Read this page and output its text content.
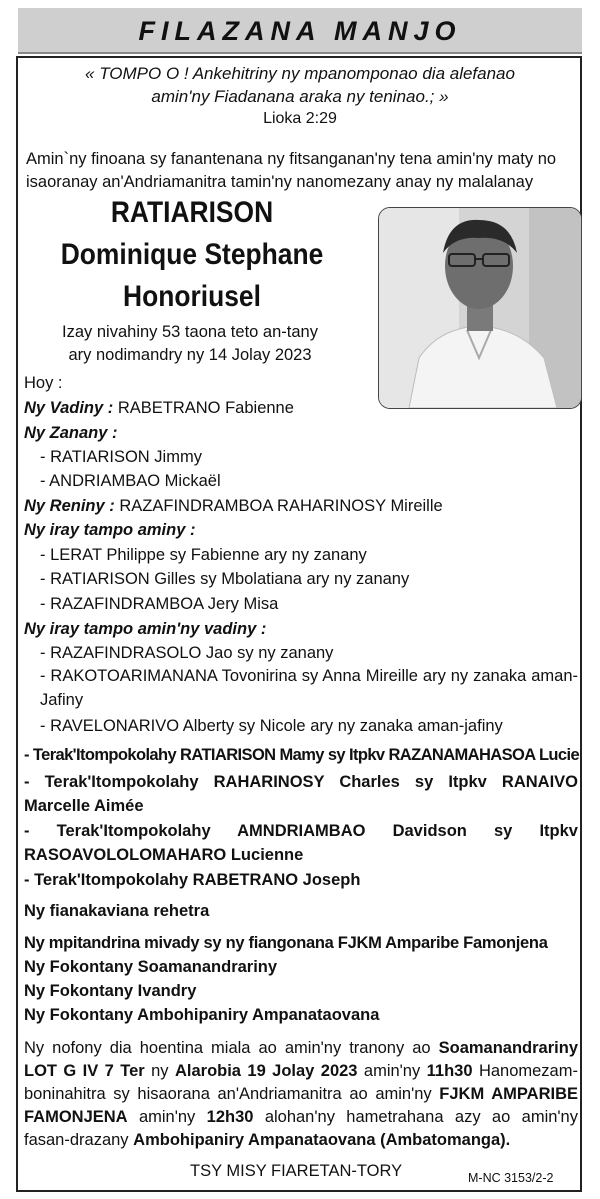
FILAZANA MANJO
« TOMPO O ! Ankehitriny ny mpanomponao dia alefanao
amin'ny Fiadanana araka ny teninao.; »
Lioka 2:29
Amin`ny finoana sy fanantenana ny fitsanganan'ny tena amin'ny maty no isaoranay an'Andriamanitra tamin'ny nanomezany anay ny malalanay
RATIARISON
Dominique Stephane
Honoriusel
Izay nivahiny 53 taona teto an-tany
ary nodimandry ny 14 Jolay 2023
Hoy :
Ny Vadiny : RABETRANO Fabienne
Ny Zanany :
- RATIARISON Jimmy
- ANDRIAMBAO Mickaël
Ny Reniny : RAZAFINDRAMBOA RAHARINOSY Mireille
Ny iray tampo aminy :
- LERAT Philippe sy Fabienne ary ny zanany
- RATIARISON Gilles sy Mbolatiana ary ny zanany
- RAZAFINDRAMBOA Jery Misa
Ny iray tampo amin'ny vadiny :
- RAZAFINDRASOLO Jao sy ny zanany
- RAKOTOARIMANANA Tovonirina sy Anna Mireille ary ny zanaka aman-Jafiny
- RAVELONARIVO Alberty sy Nicole ary ny zanaka aman-jafiny
- Terak'Itompokolahy RATIARISON Mamy sy Itpkv RAZANAMAHASOA Lucie
- Terak'Itompokolahy RAHARINOSY Charles sy Itpkv RANAIVO Marcelle Aimée
- Terak'Itompokolahy AMNDRIAMBAO Davidson sy Itpkv RASOAVOLOLOMAHARO Lucienne
- Terak'Itompokolahy RABETRANO Joseph
Ny fianakaviana rehetra
Ny mpitandrina mivady sy ny fiangonana FJKM Amparibe Famonjena
Ny Fokontany Soamanandrariny
Ny Fokontany Ivandry
Ny Fokontany Ambohipaniry Ampanataovana
Ny nofony dia hoentina miala ao amin'ny tranony ao Soamanandrariny LOT G IV 7 Ter ny Alarobia 19 Jolay 2023 amin'ny 11h30 Hanomezam-boninahitra sy hisaorana an'Andriamanitra ao amin'ny FJKM AMPARIBE FAMONJENA amin'ny 12h30 alohan'ny hametrahana azy ao amin'ny fasan-drazany Ambohipaniry Ampanataovana (Ambatomanga).
TSY MISY FIARETAN-TORY	M-NC 3153/2-2
